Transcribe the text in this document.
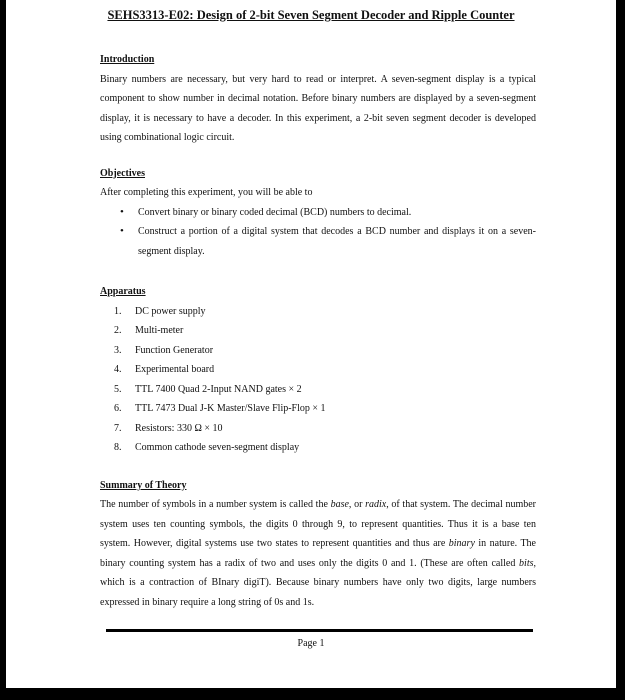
SEHS3313-E02: Design of 2-bit Seven Segment Decoder and Ripple Counter
Introduction

Binary numbers are necessary, but very hard to read or interpret. A seven-segment display is a typical component to show number in decimal notation. Before binary numbers are displayed by a seven-segment display, it is necessary to have a decoder. In this experiment, a 2-bit seven segment decoder is developed using combinational logic circuit.

Objectives
After completing this experiment, you will be able to
• Convert binary or binary coded decimal (BCD) numbers to decimal.
• Construct a portion of a digital system that decodes a BCD number and displays it on a seven-segment display.
Apparatus
1.	DC power supply
2.	Multi-meter
3.	Function Generator
4.	Experimental board
5.	TTL 7400 Quad 2-Input NAND gates × 2
6.	TTL 7473 Dual J-K Master/Slave Flip-Flop × 1
7.	Resistors: 330 Ω × 10
8.	Common cathode seven-segment display
Summary of Theory

The number of symbols in a number system is called the base, or radix, of that system. The decimal number system uses ten counting symbols, the digits 0 through 9, to represent quantities. Thus it is a base ten system. However, digital systems use two states to represent quantities and thus are binary in nature. The binary counting system has a radix of two and uses only the digits 0 and 1. (These are often called bits, which is a contraction of BInary digiT). Because binary numbers have only two digits, large numbers expressed in binary require a long string of 0s and 1s.

Page 1
